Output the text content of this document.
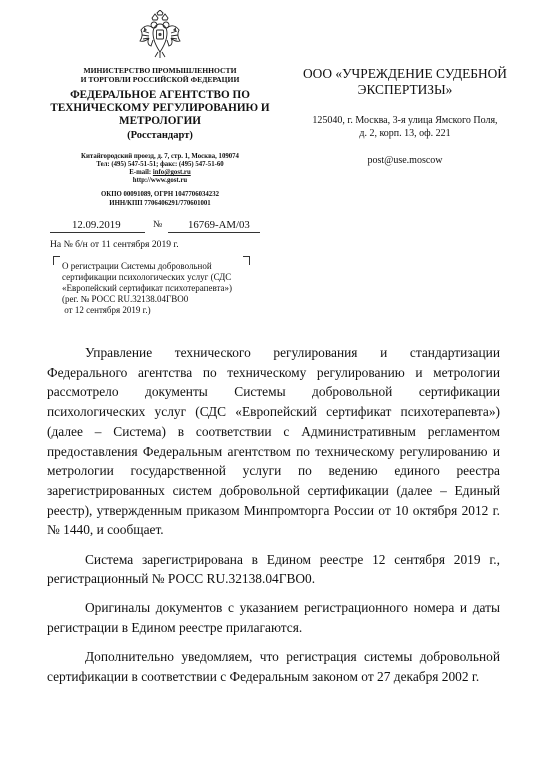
МИНИСТЕРСТВО ПРОМЫШЛЕННОСТИ
И ТОРГОВЛИ РОССИЙСКОЙ ФЕДЕРАЦИИ
ФЕДЕРАЛЬНОЕ АГЕНТСТВО ПО
ТЕХНИЧЕСКОМУ РЕГУЛИРОВАНИЮ И
МЕТРОЛОГИИ
(Росстандарт)
Китайгородский проезд, д. 7, стр. 1, Москва, 109074
Тел: (495) 547-51-51; факс: (495) 547-51-60
E-mail: info@gost.ru
http://www.gost.ru
ОКПО 00091089, ОГРН 1047706034232
ИНН/КПП 7706406291/770601001
ООО «УЧРЕЖДЕНИЕ СУДЕБНОЙ
ЭКСПЕРТИЗЫ»
125040, г. Москва, 3-я улица Ямского Поля,
д. 2, корп. 13, оф. 221
post@use.moscow
12.09.2019	№ 16769-АМ/03
На № б/н от 11 сентября 2019 г.
О регистрации Системы добровольной
сертификации психологических услуг (СДС
«Европейский сертификат психотерапевта»)
(рег. № РОСС RU.32138.04ГВО0
от 12 сентября 2019 г.)

Управление технического регулирования и стандартизации Федерального агентства по техническому регулированию и метрологии рассмотрело документы Системы добровольной сертификации психологических услуг (СДС «Европейский сертификат психотерапевта») (далее – Система) в соответствии с Административным регламентом предоставления Федеральным агентством по техническому регулированию и метрологии государственной услуги по ведению единого реестра зарегистрированных систем добровольной сертификации (далее – Единый реестр), утвержденным приказом Минпромторга России от 10 октября 2012 г. № 1440, и сообщает.

Система зарегистрирована в Едином реестре 12 сентября 2019 г., регистрационный № РОСС RU.32138.04ГВО0.

Оригиналы документов с указанием регистрационного номера и даты регистрации в Едином реестре прилагаются.

Дополнительно уведомляем, что регистрация системы добровольной сертификации в соответствии с Федеральным законом от 27 декабря 2002 г.
